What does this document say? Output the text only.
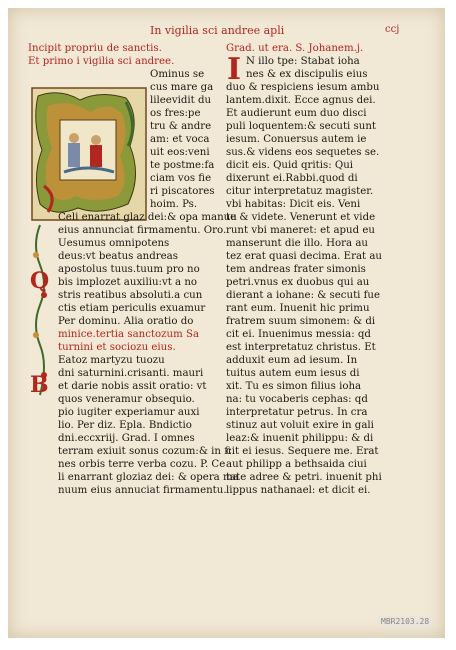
In vigilia sci andree apli	ccj
Q
B
I
Incipit propriu de sanctis.
Et primo i vigilia sci andree.
Ominus se
cus mare ga
lileevidit du
os fres:pe
tru & andre
am: et voca
uit eos:veni
te postme:fa
ciam vos fie
ri piscatores
hoim. Ps.
Celi enarrat glaz dei:& opa manuu
eius annunciat firmamentu. Oro.
Uesumus omnipotens
deus:vt beatus andreas
apostolus tuus.tuum pro no
bis implozet auxiliu:vt a no
stris reatibus absoluti.a cun
ctis etiam periculis exuamur
Per dominu. Alia oratio do
minice.tertia sanctozum Sa
turnini et sociozu eius.
Eatoz martyzu tuozu
dni saturnini.crisanti. mauri
et darie nobis assit oratio: vt
quos veneramur obsequio.
pio iugiter experiamur auxi
lio. Per diz. Epla. Bndictio
dni.eccxriij. Grad. I omnes
terram exiuit sonus cozum:& in fi
nes orbis terre verba cozu. P. Ce
li enarrant gloziaz dei: & opera ma
nuum eius annuciat firmamentu.
Grad. ut era. S. Johanem.j.
N illo tpe: Stabat ioha
nes & ex discipulis eius
duo & respiciens iesum ambu
lantem.dixit. Ecce agnus dei.
Et audierunt eum duo disci
puli loquentem:& secuti sunt
iesum. Conuersus autem ie
sus.& videns eos sequetes se.
dicit eis. Quid qritis: Qui
dixerunt ei.Rabbi.quod di
citur interpretatuz magister.
vbi habitas: Dicit eis. Veni
te & videte. Venerunt et vide
runt vbi maneret: et apud eu
manserunt die illo. Hora au
tez erat quasi decima. Erat au
tem andreas frater simonis
petri.vnus ex duobus qui au
dierant a iohane: & secuti fue
rant eum. Inuenit hic primu
fratrem suum simonem: & di
cit ei. Inuenimus messia: qd
est interpretatuz christus. Et
adduxit eum ad iesum. In
tuitus autem eum iesus di
xit. Tu es simon filius ioha
na: tu vocaberis cephas: qd
interpretatur petrus. In cra
stinuz aut voluit exire in gali
leaz:& inuenit philippu: & di
cit ei iesus. Sequere me. Erat
aut philipp a bethsaida ciui
tate adree & petri. inuenit phi
lippus nathanael: et dicit ei.
MBR2103.28
